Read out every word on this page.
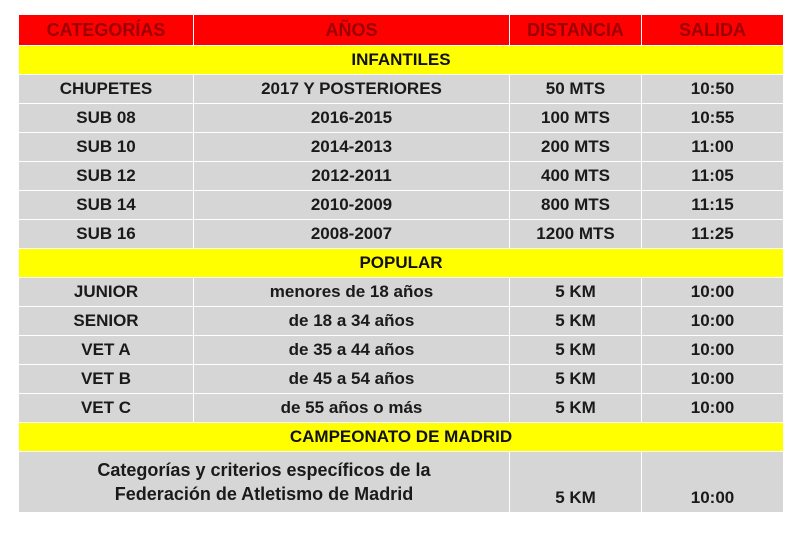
CATEGORÍAS	AÑOS	DISTANCIA	SALIDA
INFANTILES			
CHUPETES	2017 Y POSTERIORES	50 MTS	10:50
SUB 08	2016-2015	100 MTS	10:55
SUB 10	2014-2013	200 MTS	11:00
SUB 12	2012-2011	400 MTS	11:05
SUB 14	2010-2009	800 MTS	11:15
SUB 16	2008-2007	1200 MTS	11:25
POPULAR			
JUNIOR	menores de 18 años	5 KM	10:00
SENIOR	de 18 a 34 años	5 KM	10:00
VET A	de 35 a 44 años	5 KM	10:00
VET B	de 45 a 54 años	5 KM	10:00
VET C	de 55 años o más	5 KM	10:00
CAMPEONATO DE MADRID			

Categorías y criterios específicos de la
Federación de Atletismo de Madrid		5 KM	10:00
